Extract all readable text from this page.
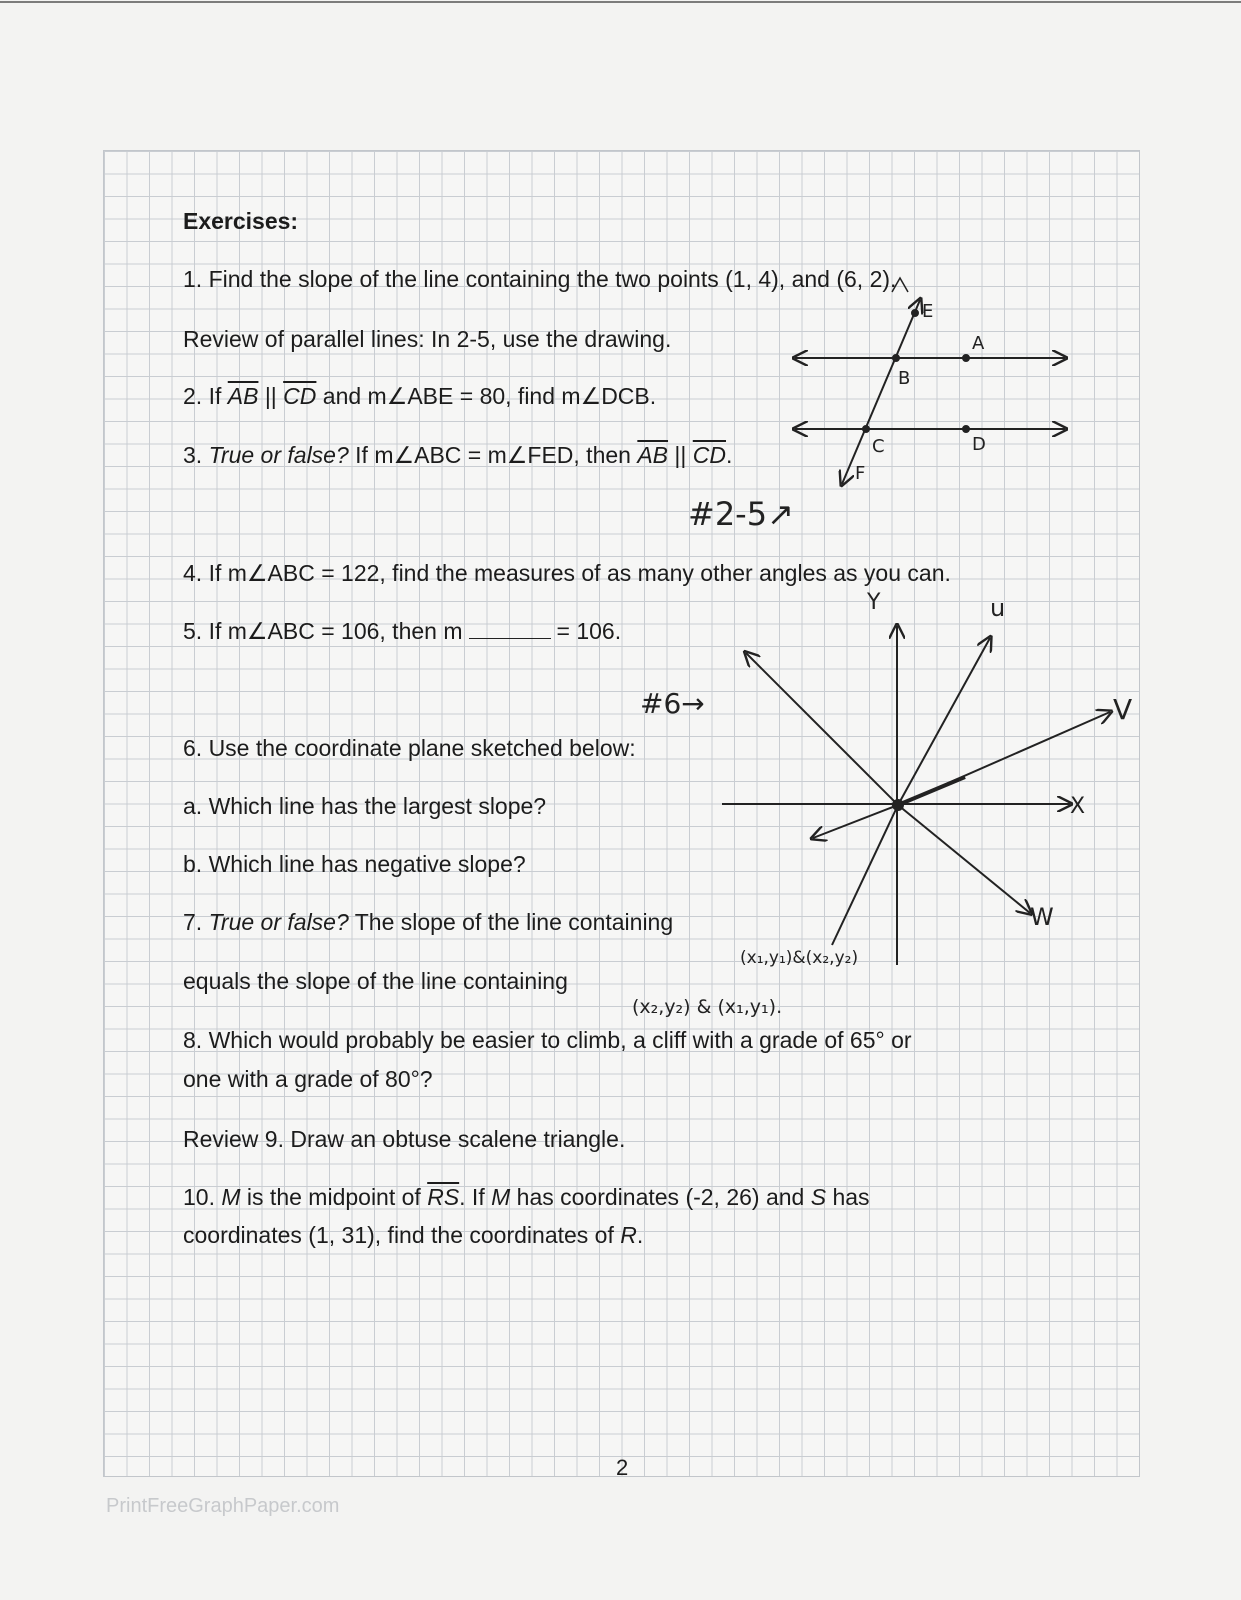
PrintFreeGraphPaper.com
Exercises:
1. Find the slope of the line containing the two points (1, 4), and (6, 2).
Review of parallel lines: In 2-5, use the drawing.
2. If $\overline{AB}$ || $\overline{CD}$ and m∠ABE = 80, find m∠DCB.
3. True or false? If m∠ABC = m∠FED, then $\overline{AB}$ || $\overline{CD}$.
4. If m∠ABC = 122, find the measures of as many other angles as you can.
5. If m∠ABC = 106, then m	= 106.
6. Use the coordinate plane sketched below:
a. Which line has the largest slope?
b. Which line has negative slope?
7. True or false? The slope of the line containing
equals the slope of the line containing
8. Which would probably be easier to climb, a cliff with a grade of 65° or
one with a grade of 80°?
Review 9. Draw an obtuse scalene triangle.
10. M is the midpoint of $\overline{RS}$. If M has coordinates (-2, 26) and S has
coordinates (1, 31), find the coordinates of R.
2
E
A
B
C	D
F
#2-5↗
#6→
Y
X
u
V
W
(x₁,y₁)&(x₂,y₂)
(x₂,y₂) & (x₁,y₁).
